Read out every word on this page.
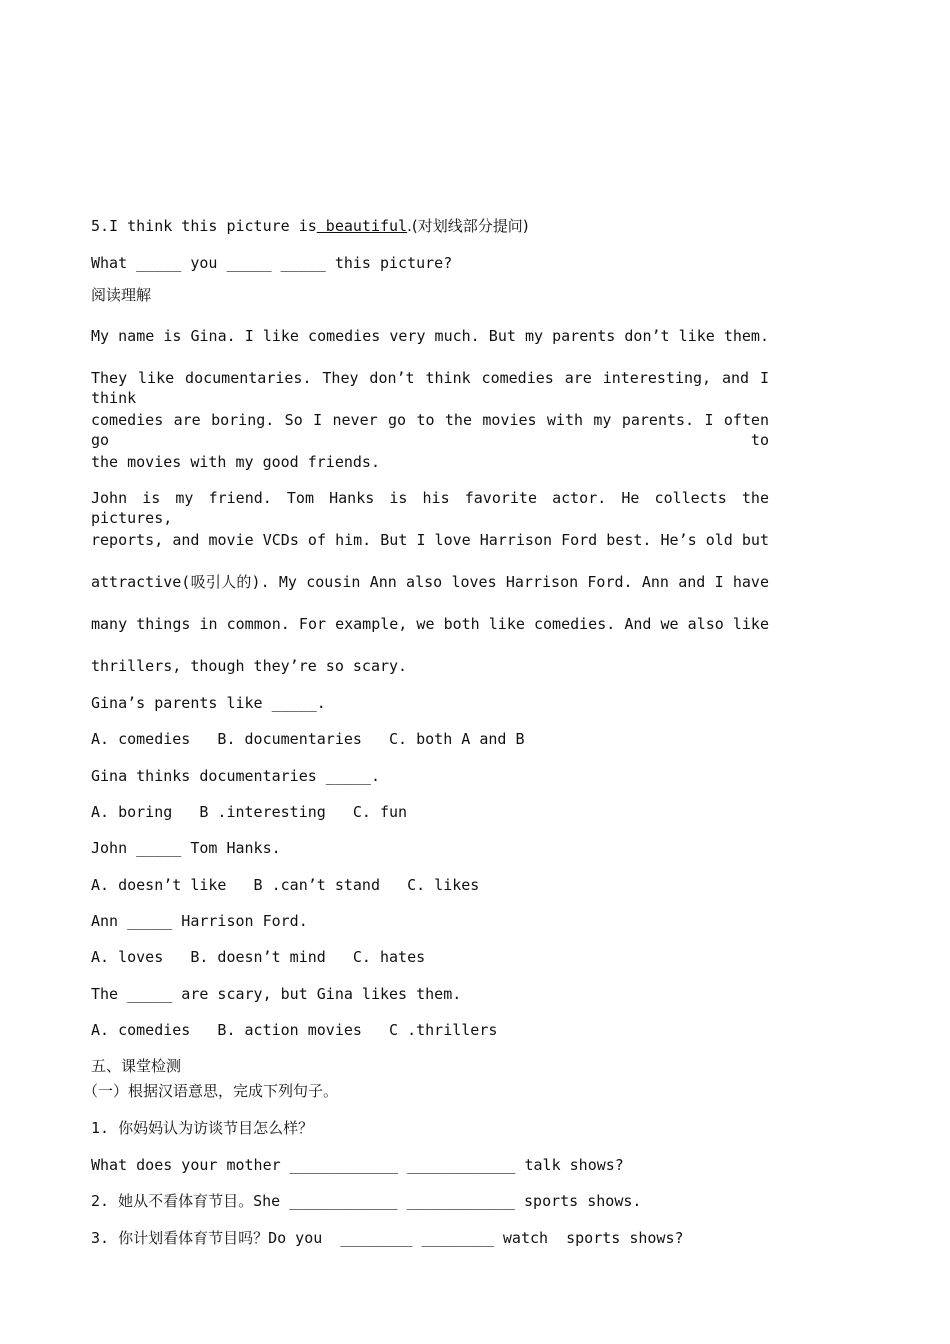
5.I think this picture is beautiful.(对划线部分提问)
What _____ you _____ _____ this picture?
阅读理解
My name is Gina. I like comedies very much. But my parents don’t like them.
They like documentaries. They don’t think comedies are interesting, and I think
comedies are boring. So I never go to the movies with my parents. I often go to
the movies with my good friends.
John is my friend. Tom Hanks is his favorite actor. He collects the pictures,
reports, and movie VCDs of him. But I love Harrison Ford best. He’s old but
attractive(吸引人的). My cousin Ann also loves Harrison Ford. Ann and I have
many things in common. For example, we both like comedies. And we also like
thrillers, though they’re so scary.
Gina’s parents like _____.
A. comedies   B. documentaries   C. both A and B
Gina thinks documentaries _____.
A. boring   B .interesting   C. fun
John _____ Tom Hanks.
A. doesn’t like   B .can’t stand   C. likes
Ann _____ Harrison Ford.
A. loves   B. doesn’t mind   C. hates
The _____ are scary, but Gina likes them.
A. comedies   B. action movies   C .thrillers
五、课堂检测
（一）根据汉语意思，完成下列句子。
1. 你妈妈认为访谈节目怎么样？
What does your mother ____________ ____________ talk shows?
2. 她从不看体育节目。She ____________ ____________ sports shows.
3. 你计划看体育节目吗？Do you  ________ ________ watch  sports shows?
